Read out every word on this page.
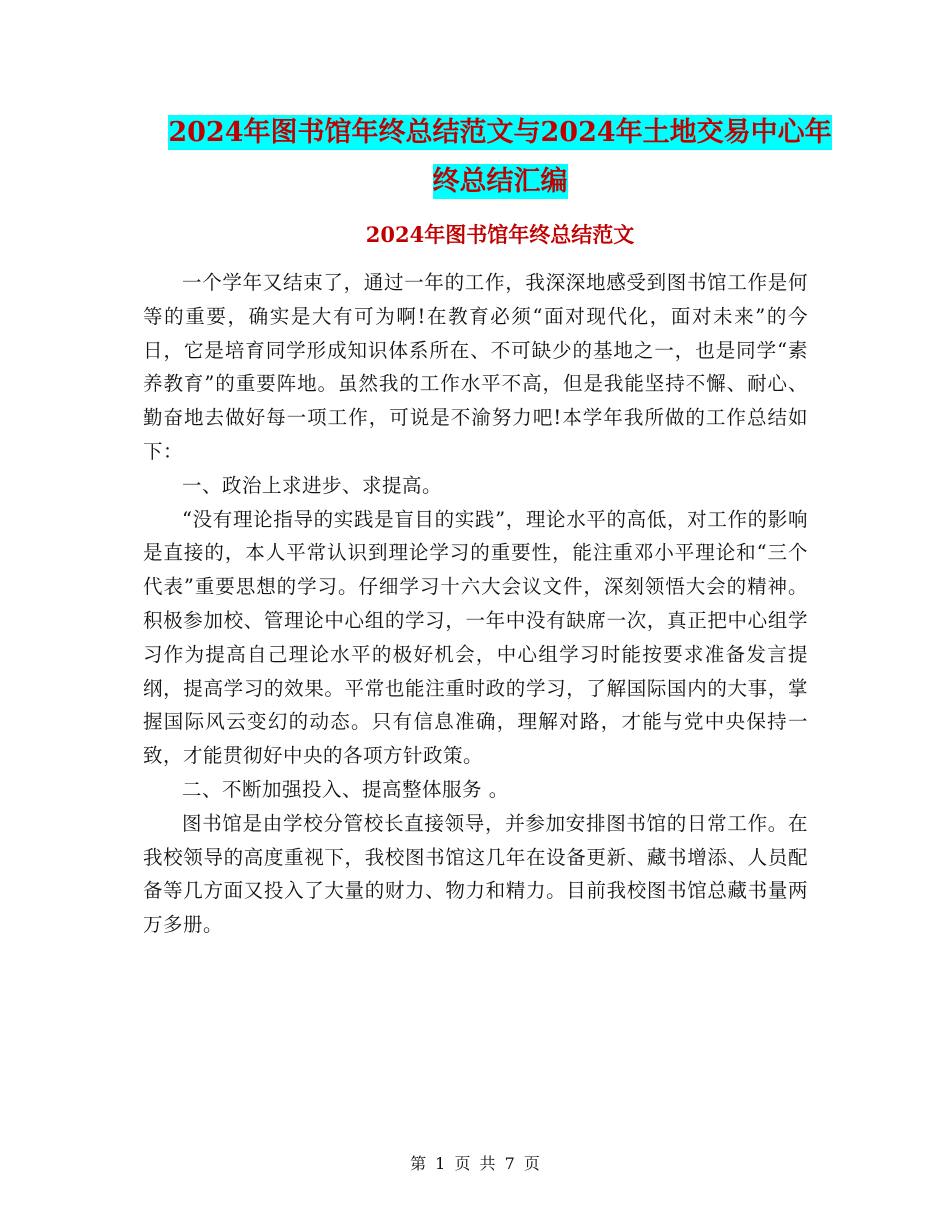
2024年图书馆年终总结范文与2024年土地交易中心年
终总结汇编
2024年图书馆年终总结范文

一个学年又结束了，通过一年的工作，我深深地感受到图书馆工作是何等的重要，确实是大有可为啊!在教育必须“面对现代化，面对未来”的今日，它是培育同学形成知识体系所在、不可缺少的基地之一，也是同学“素养教育”的重要阵地。虽然我的工作水平不高，但是我能坚持不懈、耐心、勤奋地去做好每一项工作，可说是不渝努力吧!本学年我所做的工作总结如下：

一、政治上求进步、求提高。

“没有理论指导的实践是盲目的实践”，理论水平的高低，对工作的影响是直接的，本人平常认识到理论学习的重要性，能注重邓小平理论和“三个代表”重要思想的学习。仔细学习十六大会议文件，深刻领悟大会的精神。积极参加校、管理论中心组的学习，一年中没有缺席一次，真正把中心组学习作为提高自己理论水平的极好机会，中心组学习时能按要求准备发言提纲，提高学习的效果。平常也能注重时政的学习，了解国际国内的大事，掌握国际风云变幻的动态。只有信息准确，理解对路，才能与党中央保持一致，才能贯彻好中央的各项方针政策。

二、不断加强投入、提高整体服务 。

图书馆是由学校分管校长直接领导，并参加安排图书馆的日常工作。在我校领导的高度重视下，我校图书馆这几年在设备更新、藏书增添、人员配备等几方面又投入了大量的财力、物力和精力。目前我校图书馆总藏书量两万多册。

第 1 页 共 7 页
